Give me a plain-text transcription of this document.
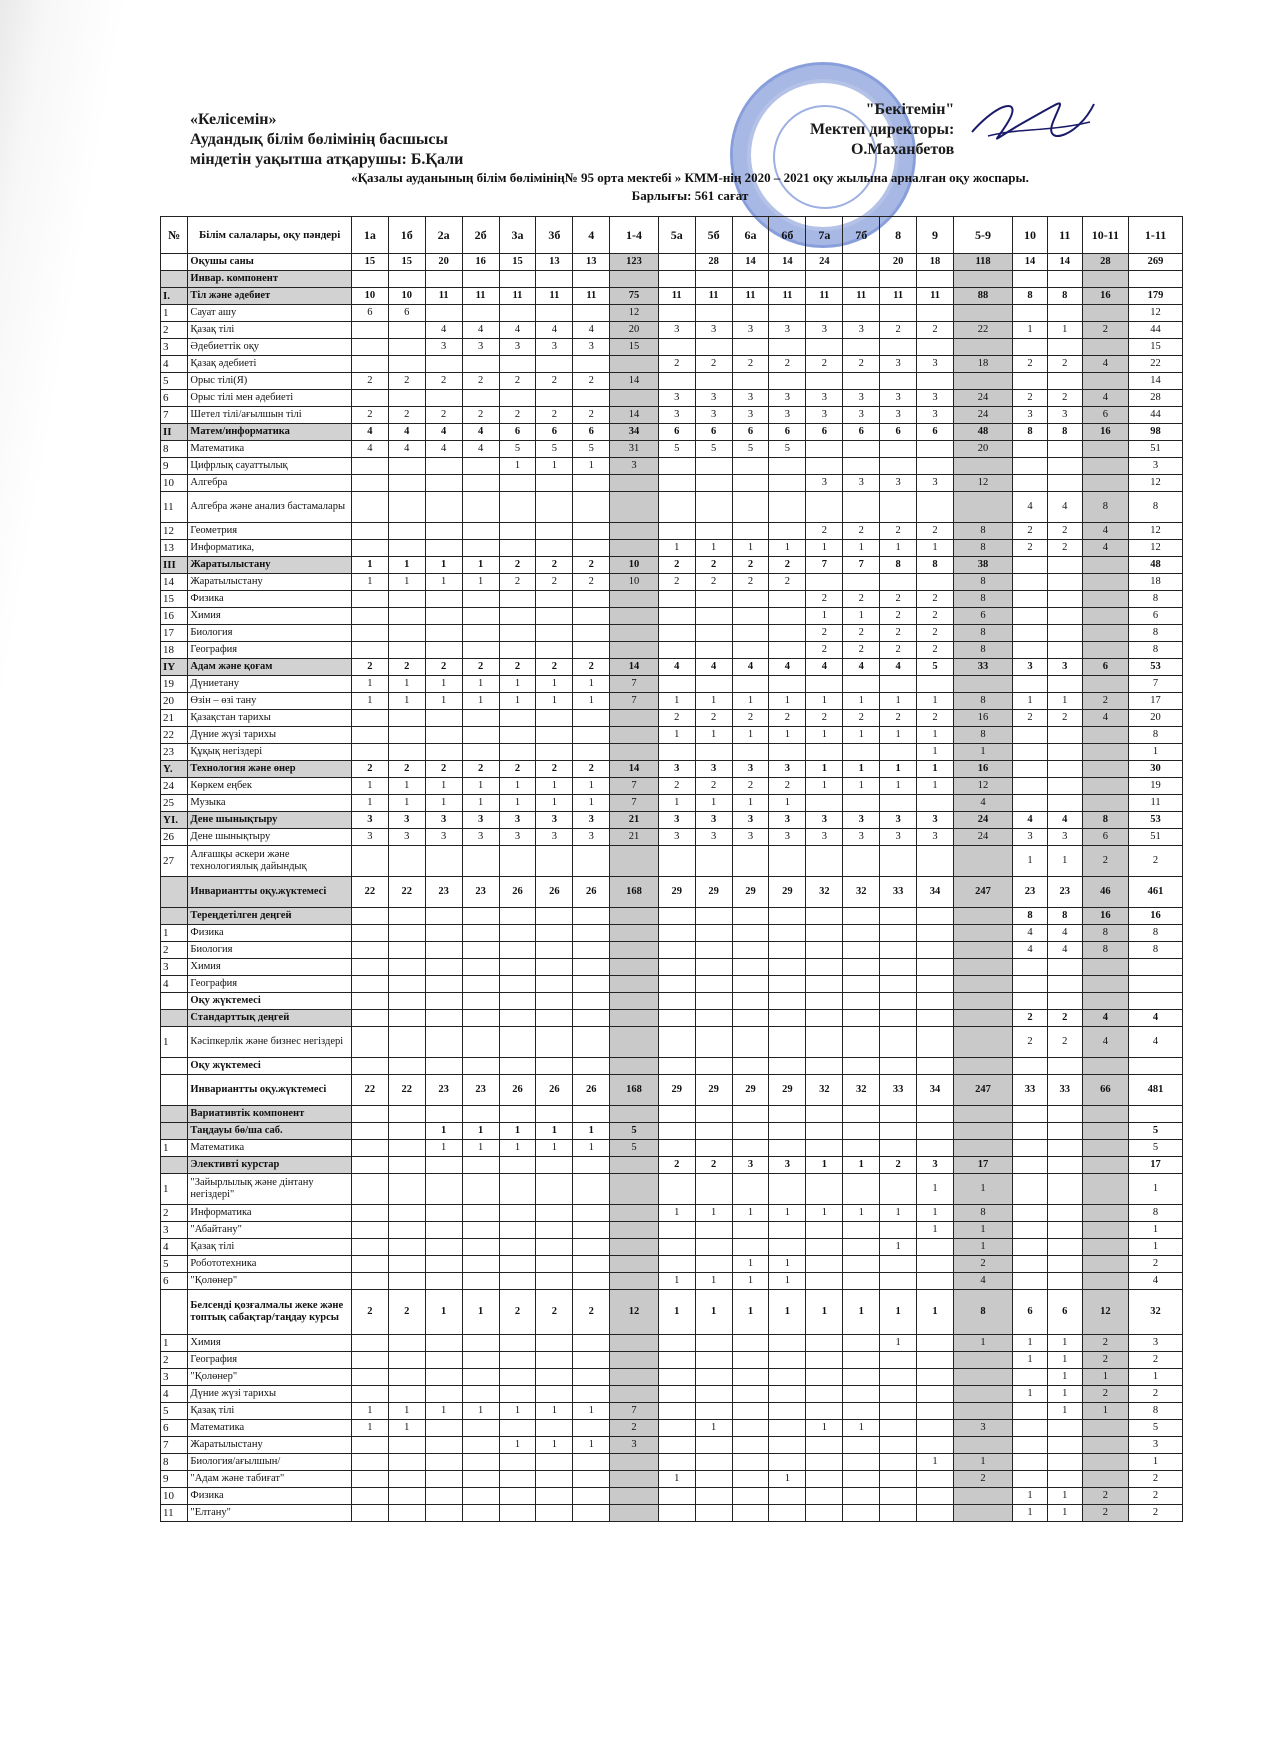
«Келісемін»
Аудандық білім бөлімінің басшысы
міндетін уақытша атқарушы: Б.Қали
"Бекітемін"
Мектеп директоры:
О.Маханбетов
«Қазалы ауданының білім бөлімінің№ 95 орта мектебі » КММ-нің 2020 – 2021 оқу жылына арналған оқу жоспары.
Барлығы: 561 сағат
№	Білім салалары, оқу пәндері	1а	1б	2а	2б	3а	3б	4	1-4	5а	5б	6а	6б	7а	7б	8	9	5-9	10	11	10-11	1-11
	Оқушы саны	15	15	20	16	15	13	13	123		28	14	14	24		20	18	118	14	14	28	269
	Инвар. компонент																					
I.	Тіл және әдебиет	10	10	11	11	11	11	11	75	11	11	11	11	11	11	11	11	88	8	8	16	179
1	Сауат ашу	6	6						12													12
2	Қазақ тілі			4	4	4	4	4	20	3	3	3	3	3	3	2	2	22	1	1	2	44
3	Әдебиеттік оқу			3	3	3	3	3	15													15
4	Қазақ әдебиеті									2	2	2	2	2	2	3	3	18	2	2	4	22
5	Орыс тілі(Я)	2	2	2	2	2	2	2	14													14
6	Орыс тілі мен әдебиеті									3	3	3	3	3	3	3	3	24	2	2	4	28
7	Шетел тілі/ағылшын тілі	2	2	2	2	2	2	2	14	3	3	3	3	3	3	3	3	24	3	3	6	44
II	Матем/информатика	4	4	4	4	6	6	6	34	6	6	6	6	6	6	6	6	48	8	8	16	98
8	Математика	4	4	4	4	5	5	5	31	5	5	5	5					20				51
9	Цифрлық сауаттылық					1	1	1	3													3
10	Алгебра													3	3	3	3	12				12
11	Алгебра және анализ бастамалары																		4	4	8	8
12	Геометрия													2	2	2	2	8	2	2	4	12
13	Информатика,									1	1	1	1	1	1	1	1	8	2	2	4	12
III	Жаратылыстану	1	1	1	1	2	2	2	10	2	2	2	2	7	7	8	8	38				48
14	Жаратылыстану	1	1	1	1	2	2	2	10	2	2	2	2					8				18
15	Физика													2	2	2	2	8				8
16	Химия													1	1	2	2	6				6
17	Биология													2	2	2	2	8				8
18	География													2	2	2	2	8				8
IY	Адам және қоғам	2	2	2	2	2	2	2	14	4	4	4	4	4	4	4	5	33	3	3	6	53
19	Дүниетану	1	1	1	1	1	1	1	7													7
20	Өзін – өзі тану	1	1	1	1	1	1	1	7	1	1	1	1	1	1	1	1	8	1	1	2	17
21	Қазақстан тарихы									2	2	2	2	2	2	2	2	16	2	2	4	20
22	Дүние жүзі тарихы									1	1	1	1	1	1	1	1	8				8
23	Құқық негіздері																1	1				1
Y.	Технология және өнер	2	2	2	2	2	2	2	14	3	3	3	3	1	1	1	1	16				30
24	Көркем еңбек	1	1	1	1	1	1	1	7	2	2	2	2	1	1	1	1	12				19
25	Музыка	1	1	1	1	1	1	1	7	1	1	1	1					4				11
YI.	Дене шынықтыру	3	3	3	3	3	3	3	21	3	3	3	3	3	3	3	3	24	4	4	8	53
26	Дене шынықтыру	3	3	3	3	3	3	3	21	3	3	3	3	3	3	3	3	24	3	3	6	51
27	Алғашқы әскери және технологиялық дайындық																		1	1	2	2
	Инвариантты оқу.жүктемесі	22	22	23	23	26	26	26	168	29	29	29	29	32	32	33	34	247	23	23	46	461
	Тереңдетілген деңгей																		8	8	16	16
1	Физика																		4	4	8	8
2	Биология																		4	4	8	8
3	Химия																					
4	География																					
	Оқу жүктемесі																					
	Стандарттық деңгей																		2	2	4	4
1	Кәсіпкерлік және бизнес негіздері																		2	2	4	4
	Оқу жүктемесі																					
	Инвариантты оқу.жүктемесі	22	22	23	23	26	26	26	168	29	29	29	29	32	32	33	34	247	33	33	66	481
	Вариативтік компонент																					
	Таңдауы бө/ша саб.			1	1	1	1	1	5													5
1	Математика			1	1	1	1	1	5													5
	Элективті курстар									2	2	3	3	1	1	2	3	17				17
1	"Зайырлылық және дінтану негіздері"																1	1				1
2	Информатика									1	1	1	1	1	1	1	1	8				8
3	"Абайтану"																1	1				1
4	Қазақ тілі															1		1				1
5	Робототехника											1	1					2				2
6	"Қолөнер"									1	1	1	1					4				4
	Белсенді қозғалмалы жеке және топтық сабақтар/таңдау курсы	2	2	1	1	2	2	2	12	1	1	1	1	1	1	1	1	8	6	6	12	32
1	Химия															1		1	1	1	2	3
2	География																		1	1	2	2
3	"Қолөнер"																			1	1	1
4	Дүние жүзі тарихы																		1	1	2	2
5	Қазақ тілі	1	1	1	1	1	1	1	7											1	1	8
6	Математика	1	1						2		1			1	1			3				5
7	Жаратылыстану					1	1	1	3													3
8	Биология/ағылшын/																1	1				1
9	"Адам және табиғат"									1			1					2				2
10	Физика																		1	1	2	2
11	"Елтану"																		1	1	2	2
